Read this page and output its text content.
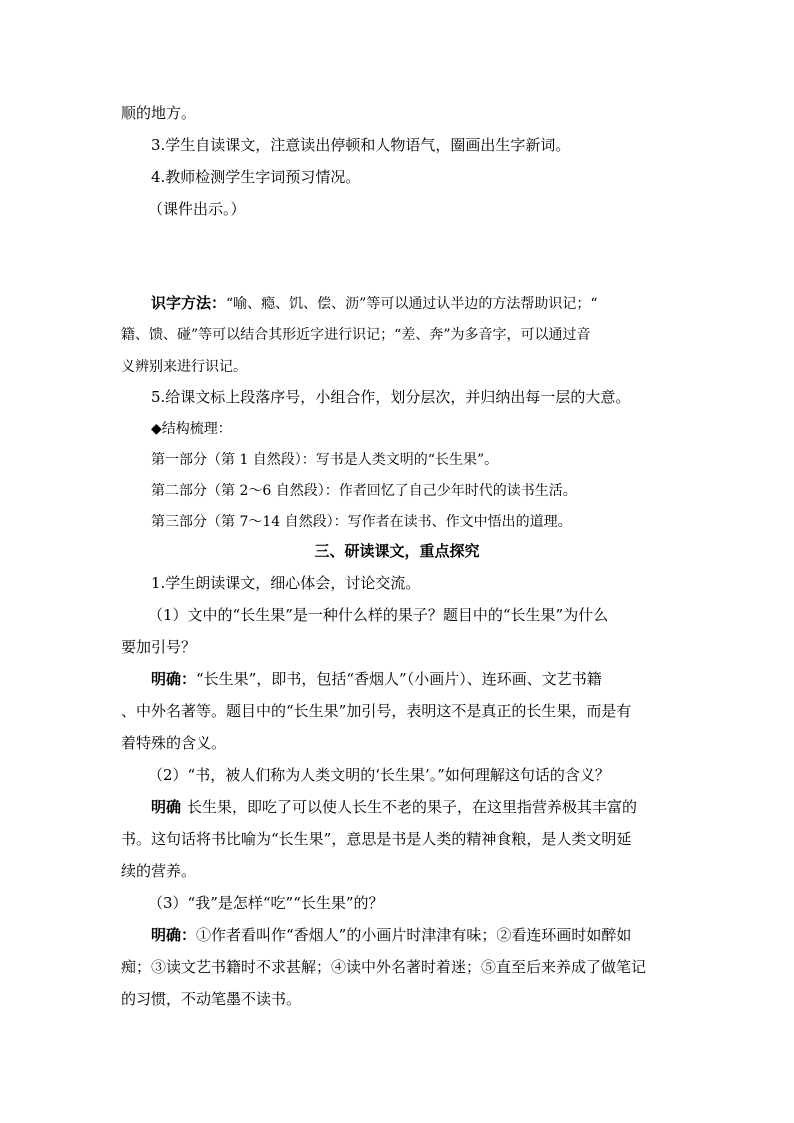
顺的地方。
3.学生自读课文，注意读出停顿和人物语气，圈画出生字新词。
4.教师检测学生字词预习情况。
（课件出示。）
识字方法：“喻、瘾、饥、偿、沥”等可以通过认半边的方法帮助识记；“
籍、馈、碰”等可以结合其形近字进行识记；“差、奔”为多音字，可以通过音
义辨别来进行识记。
5.给课文标上段落序号，小组合作，划分层次，并归纳出每一层的大意。
◆结构梳理：
第一部分（第 1 自然段）：写书是人类文明的“长生果”。
第二部分（第 2～6 自然段）：作者回忆了自己少年时代的读书生活。
第三部分（第 7～14 自然段）：写作者在读书、作文中悟出的道理。
三、研读课文，重点探究
1.学生朗读课文，细心体会，讨论交流。
（1）文中的“长生果”是一种什么样的果子？题目中的“长生果”为什么
要加引号？
明确：“长生果”，即书，包括“香烟人”（小画片）、连环画、文艺书籍
、中外名著等。题目中的“长生果”加引号，表明这不是真正的长生果，而是有
着特殊的含义。
（2）“书，被人们称为人类文明的‘长生果’。”如何理解这句话的含义？
明确 长生果，即吃了可以使人长生不老的果子，在这里指营养极其丰富的
书。这句话将书比喻为“长生果”，意思是书是人类的精神食粮，是人类文明延
续的营养。
（3）“我”是怎样“吃”“长生果”的？
明确：①作者看叫作“香烟人”的小画片时津津有味；②看连环画时如醉如
痴；③读文艺书籍时不求甚解；④读中外名著时着迷；⑤直至后来养成了做笔记
的习惯，不动笔墨不读书。
